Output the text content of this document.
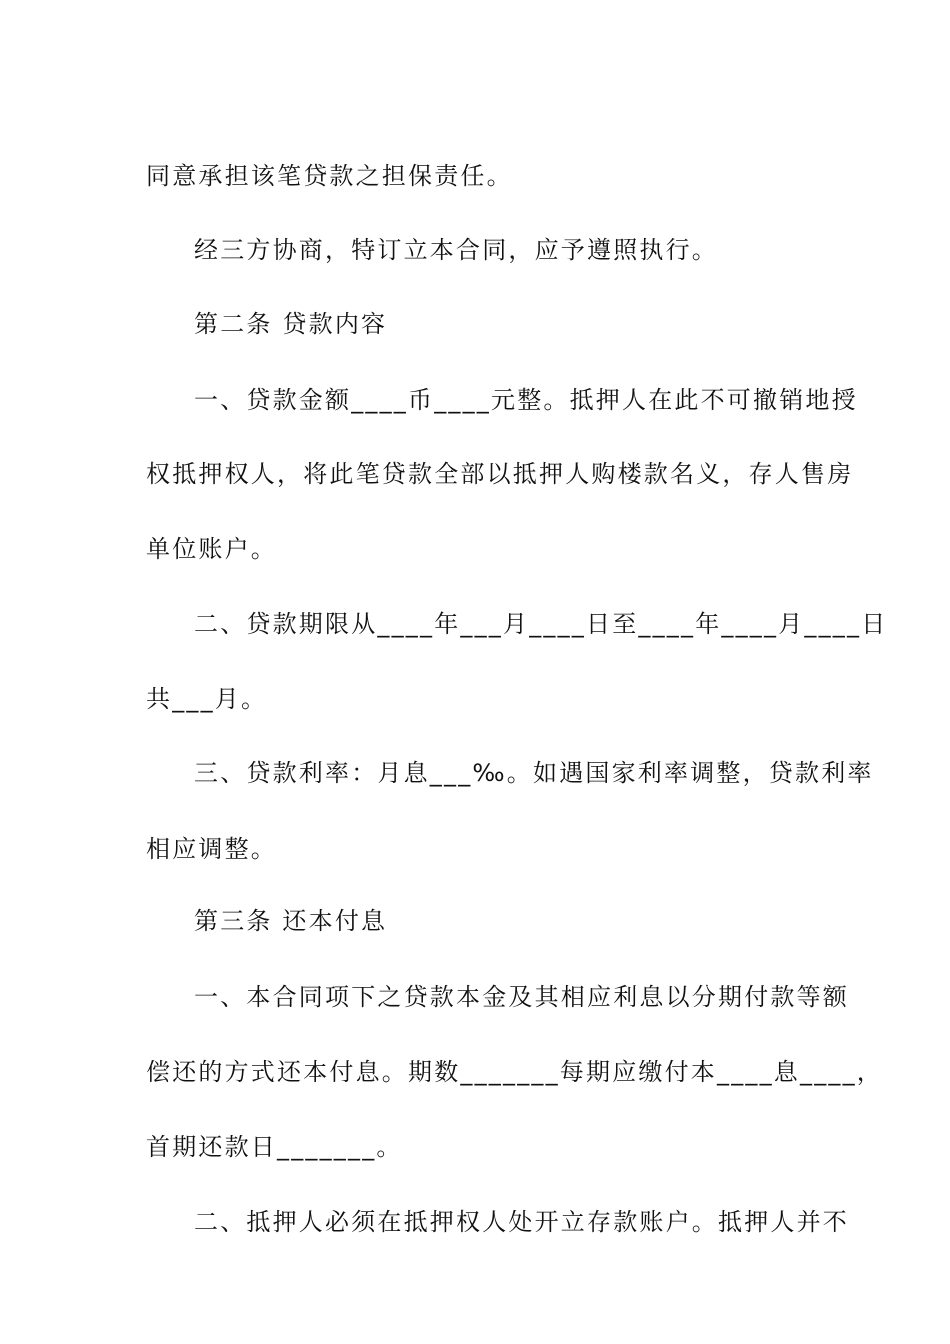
同意承担该笔贷款之担保责任。

经三方协商，特订立本合同，应予遵照执行。

第二条 贷款内容

一、贷款金额____币____元整。抵押人在此不可撤销地授

权抵押权人，将此笔贷款全部以抵押人购楼款名义，存人售房

单位账户。

二、贷款期限从____年___月____日至____年____月____日

共___月。

三、贷款利率：月息___‰。如遇国家利率调整，贷款利率

相应调整。

第三条 还本付息

一、本合同项下之贷款本金及其相应利息以分期付款等额

偿还的方式还本付息。期数_______每期应缴付本____息____，

首期还款日_______。

二、抵押人必须在抵押权人处开立存款账户。抵押人并不
